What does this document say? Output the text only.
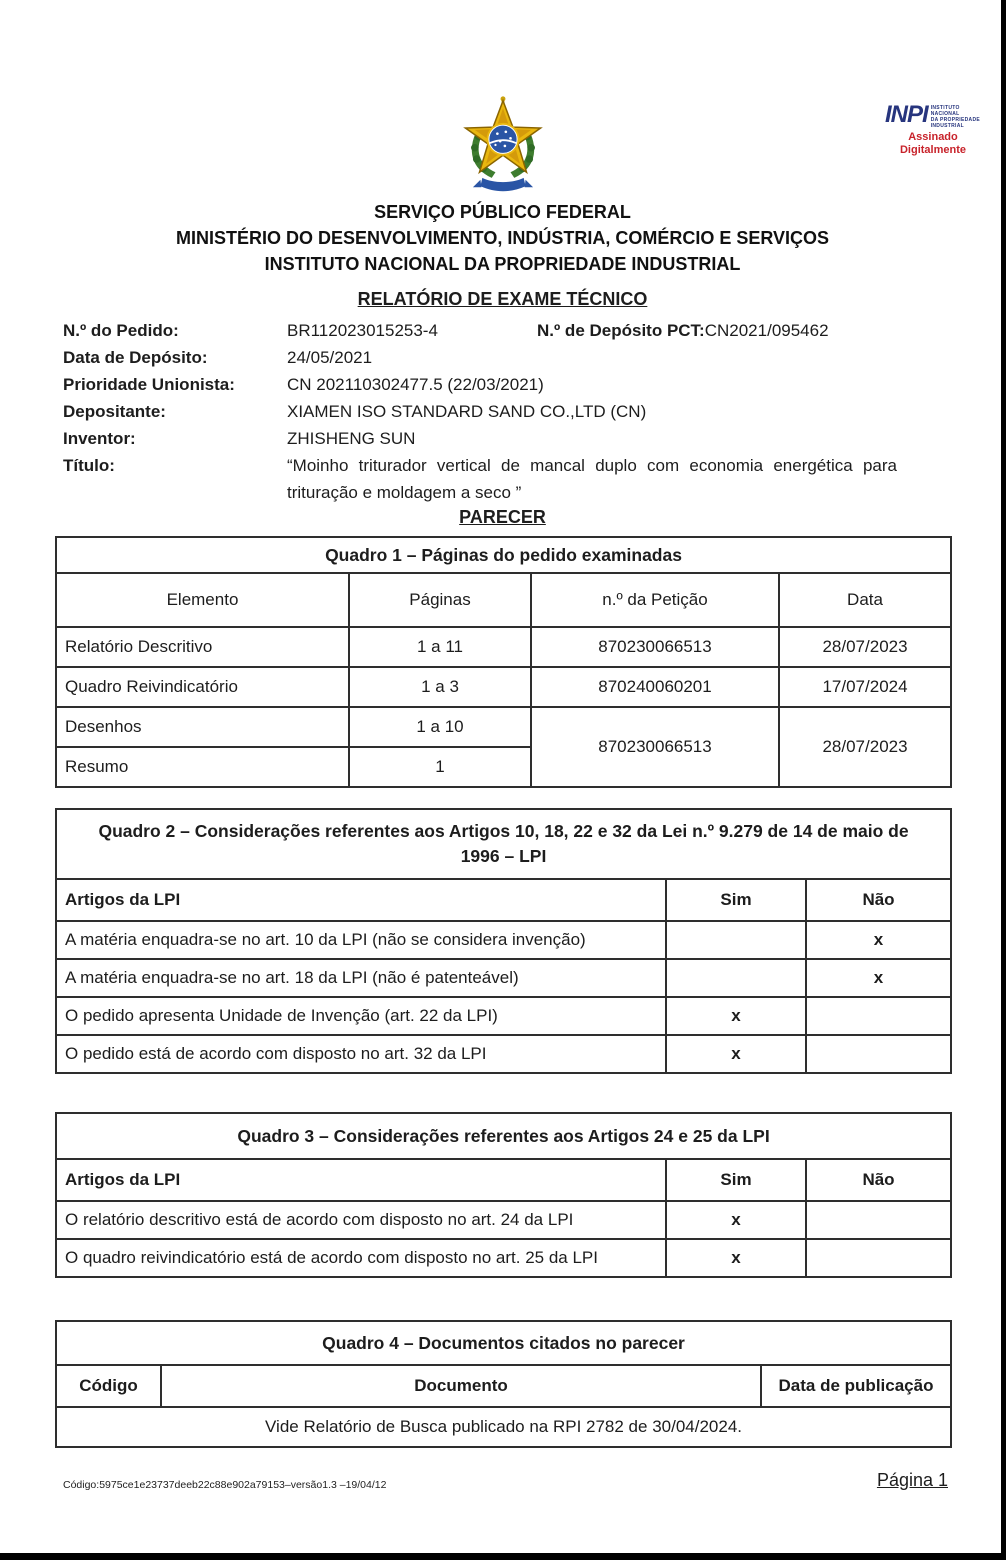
INPI INSTITUTO
NACIONAL
DA PROPRIEDADE
INDUSTRIAL
Assinado
Digitalmente
SERVIÇO PÚBLICO FEDERAL
MINISTÉRIO DO DESENVOLVIMENTO, INDÚSTRIA, COMÉRCIO E SERVIÇOS
INSTITUTO NACIONAL DA PROPRIEDADE INDUSTRIAL
RELATÓRIO DE EXAME TÉCNICO
N.º do Pedido:	BR112023015253-4	N.º de Depósito PCT: CN2021/095462
Data de Depósito:	24/05/2021
Prioridade Unionista:	CN 202110302477.5 (22/03/2021)
Depositante:	XIAMEN ISO STANDARD SAND CO.,LTD (CN)
Inventor:	ZHISHENG SUN
Título:	“Moinho triturador vertical de mancal duplo com economia energética para trituração e moldagem a seco ”
PARECER
Quadro 1 – Páginas do pedido examinadas			
Elemento	Páginas	n.º da Petição	Data
Relatório Descritivo	1 a 11	870230066513	28/07/2023
Quadro Reivindicatório	1 a 3	870240060201	17/07/2024
Desenhos	1 a 10	870230066513	28/07/2023
Resumo	1		
Quadro 2 – Considerações referentes aos Artigos 10, 18, 22 e 32 da Lei n.º 9.279 de 14 de maio de 1996 – LPI		
Artigos da LPI	Sim	Não
A matéria enquadra-se no art. 10 da LPI (não se considera invenção)		x
A matéria enquadra-se no art. 18 da LPI (não é patenteável)		x
O pedido apresenta Unidade de Invenção (art. 22 da LPI)	x	
O pedido está de acordo com disposto no art. 32 da LPI	x	
Quadro 3 – Considerações referentes aos Artigos 24 e 25 da LPI		
Artigos da LPI	Sim	Não
O relatório descritivo está de acordo com disposto no art. 24 da LPI	x	
O quadro reivindicatório está de acordo com disposto no art. 25 da LPI	x	
Quadro 4 – Documentos citados no parecer
Código	Documento	Data de publicação
Vide Relatório de Busca publicado na RPI 2782 de 30/04/2024.
Código:5975ce1e23737deeb22c88e902a79153–versão1.3 –19/04/12	Página 1
